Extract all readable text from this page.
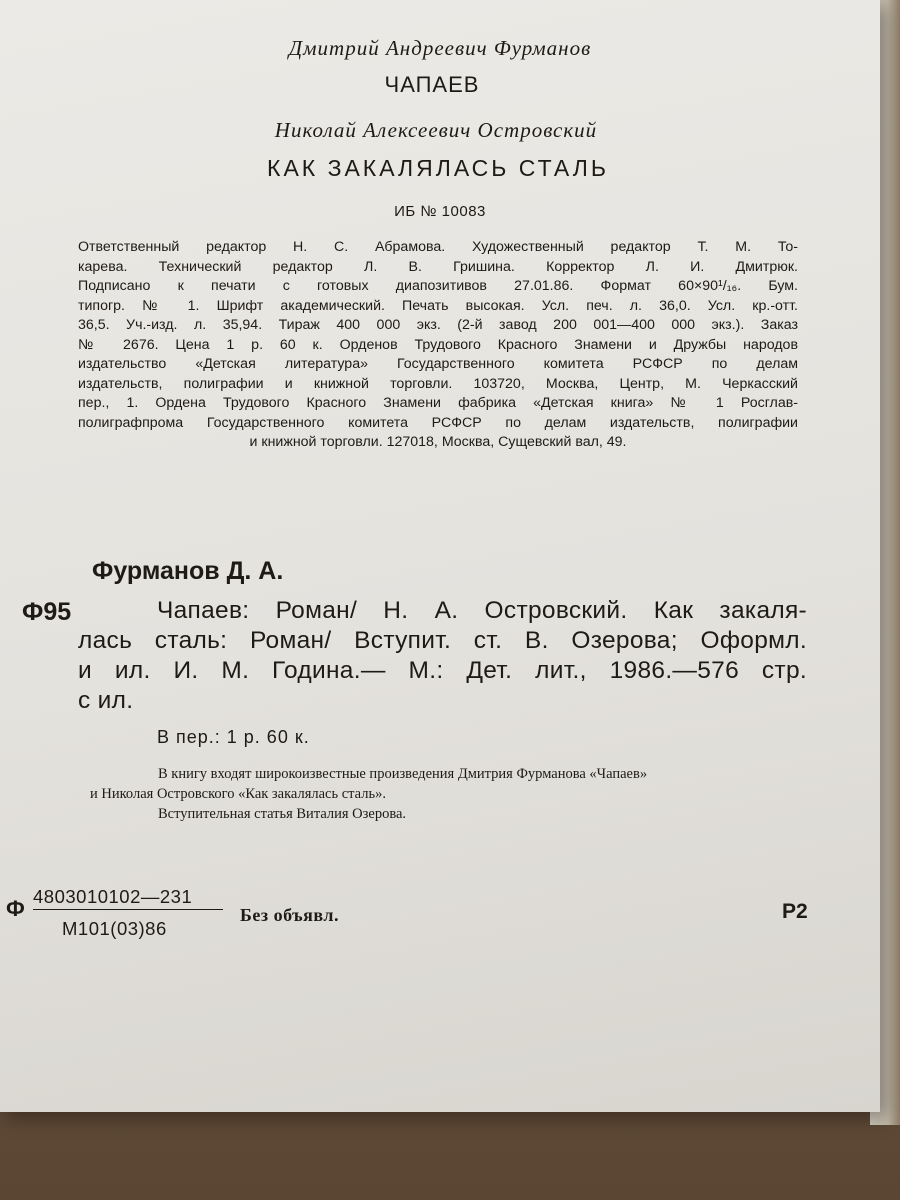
Дмитрий Андреевич Фурманов
ЧАПАЕВ
Николай Алексеевич Островский
КАК ЗАКАЛЯЛАСЬ СТАЛЬ
ИБ № 10083
Ответственный редактор Н. С. Абрамова. Художественный редактор Т. М. То-
карева. Технический редактор Л. В. Гришина. Корректор Л. И. Дмитрюк.
Подписано к печати с готовых диапозитивов 27.01.86. Формат 60×90¹/₁₆. Бум.
типогр. № 1. Шрифт академический. Печать высокая. Усл. печ. л. 36,0. Усл. кр.-отт.
36,5. Уч.-изд. л. 35,94. Тираж 400 000 экз. (2-й завод 200 001—400 000 экз.). Заказ
№ 2676. Цена 1 р. 60 к. Орденов Трудового Красного Знамени и Дружбы народов
издательство «Детская литература» Государственного комитета РСФСР по делам
издательств, полиграфии и книжной торговли. 103720, Москва, Центр, М. Черкасский
пер., 1. Ордена Трудового Красного Знамени фабрика «Детская книга» № 1 Росглав-
полиграфпрома Государственного комитета РСФСР по делам издательств, полиграфии
и книжной торговли. 127018, Москва, Сущевский вал, 49.
Фурманов Д. А.
Ф95	Чапаев: Роман/ Н. А. Островский. Как закаля-
лась сталь: Роман/ Вступит. ст. В. Озерова; Оформл.
и ил. И. М. Година.— М.: Дет. лит., 1986.—576 стр.
с ил.
В пер.: 1 р. 60 к.
В книгу входят широкоизвестные произведения Дмитрия Фурманова «Чапаев»
и Николая Островского «Как закалялась сталь».
Вступительная статья Виталия Озерова.
Ф 4803010102—231
М101(03)86
Без объявл.	Р2
